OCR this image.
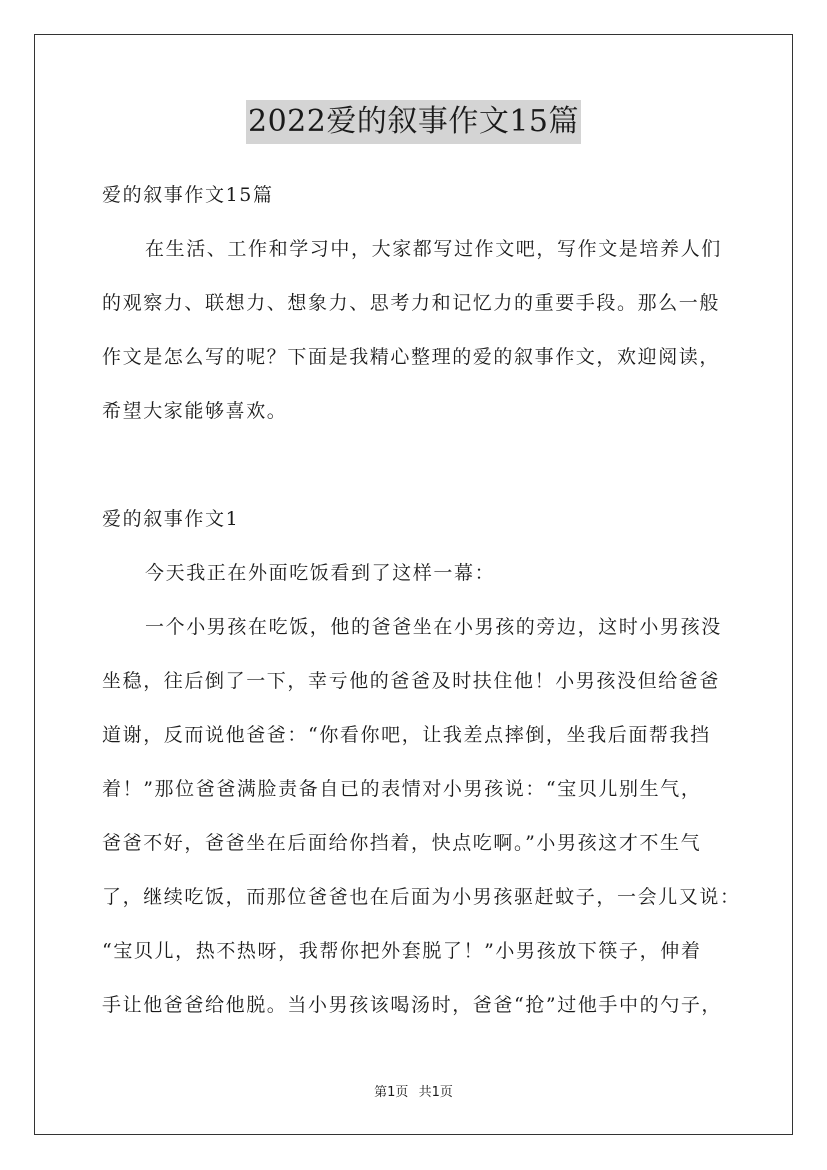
2022爱的叙事作文15篇
爱的叙事作文15篇
在生活、工作和学习中，大家都写过作文吧，写作文是培养人们
的观察力、联想力、想象力、思考力和记忆力的重要手段。那么一般
作文是怎么写的呢？下面是我精心整理的爱的叙事作文，欢迎阅读，
希望大家能够喜欢。
爱的叙事作文1
今天我正在外面吃饭看到了这样一幕：
一个小男孩在吃饭，他的爸爸坐在小男孩的旁边，这时小男孩没
坐稳，往后倒了一下，幸亏他的爸爸及时扶住他！小男孩没但给爸爸
道谢，反而说他爸爸：“你看你吧，让我差点摔倒，坐我后面帮我挡
着！”那位爸爸满脸责备自已的表情对小男孩说：“宝贝儿别生气，
爸爸不好，爸爸坐在后面给你挡着，快点吃啊。”小男孩这才不生气
了，继续吃饭，而那位爸爸也在后面为小男孩驱赶蚊子，一会儿又说：
“宝贝儿，热不热呀，我帮你把外套脱了！”小男孩放下筷子，伸着
手让他爸爸给他脱。当小男孩该喝汤时，爸爸“抢”过他手中的勺子，
第1页 共1页
